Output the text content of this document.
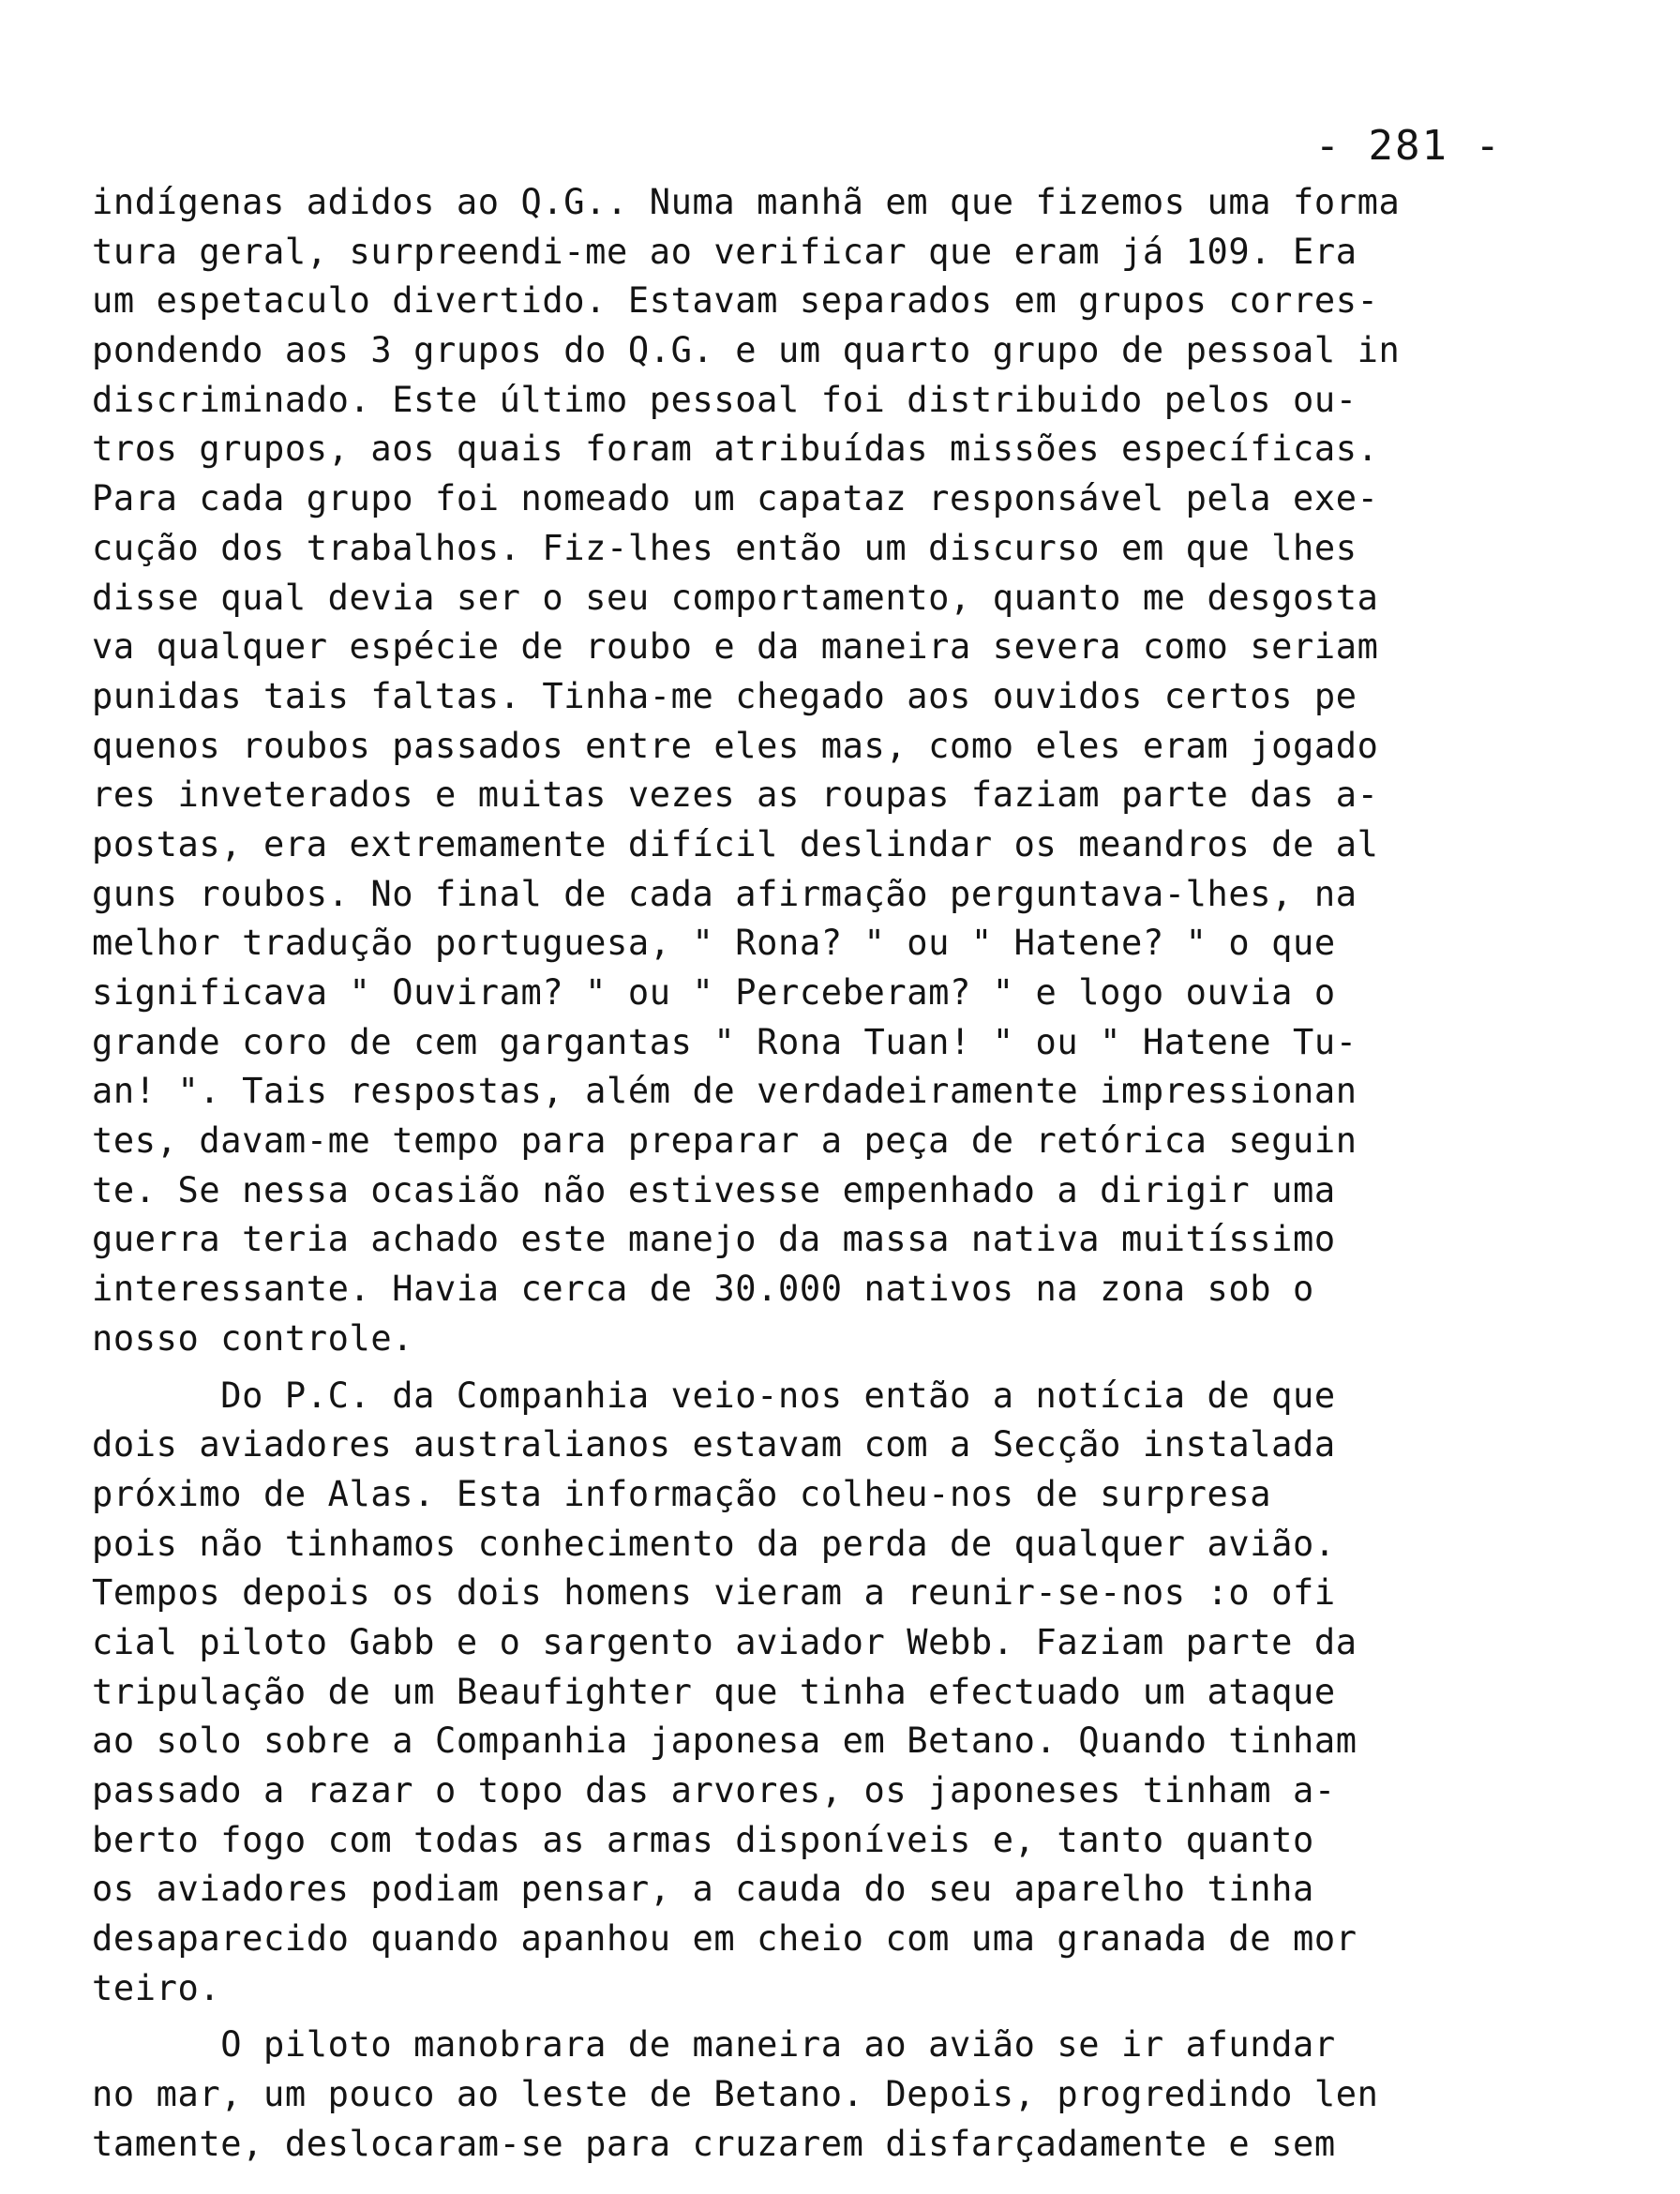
- 281 -
indígenas adidos ao Q.G.. Numa manhã em que fizemos uma forma
tura geral, surpreendi-me ao verificar que eram já 109. Era
um espetaculo divertido. Estavam separados em grupos corres-
pondendo aos 3 grupos do Q.G. e um quarto grupo de pessoal in
discriminado. Este último pessoal foi distribuido pelos ou-
tros grupos, aos quais foram atribuídas missões específicas.
Para cada grupo foi nomeado um capataz responsável pela exe-
cução dos trabalhos. Fiz-lhes então um discurso em que lhes
disse qual devia ser o seu comportamento, quanto me desgosta
va qualquer espécie de roubo e da maneira severa como seriam
punidas tais faltas. Tinha-me chegado aos ouvidos certos pe
quenos roubos passados entre eles mas, como eles eram jogado
res inveterados e muitas vezes as roupas faziam parte das a-
postas, era extremamente difícil deslindar os meandros de al
guns roubos. No final de cada afirmação perguntava-lhes, na
melhor tradução portuguesa, " Rona? " ou " Hatene? " o que
significava " Ouviram? " ou " Perceberam? " e logo ouvia o
grande coro de cem gargantas " Rona Tuan! " ou " Hatene Tu-
an! ". Tais respostas, além de verdadeiramente impressionan
tes, davam-me tempo para preparar a peça de retórica seguin
te. Se nessa ocasião não estivesse empenhado a dirigir uma
guerra teria achado este manejo da massa nativa muitíssimo
interessante. Havia cerca de 30.000 nativos na zona sob o
nosso controle.
Do P.C. da Companhia veio-nos então a notícia de que
dois aviadores australianos estavam com a Secção instalada
próximo de Alas. Esta informação colheu-nos de surpresa
pois não tinhamos conhecimento da perda de qualquer avião.
Tempos depois os dois homens vieram a reunir-se-nos :o ofi
cial piloto Gabb e o sargento aviador Webb. Faziam parte da
tripulação de um Beaufighter que tinha efectuado um ataque
ao solo sobre a Companhia japonesa em Betano. Quando tinham
passado a razar o topo das arvores, os japoneses tinham a-
berto fogo com todas as armas disponíveis e, tanto quanto
os aviadores podiam pensar, a cauda do seu aparelho tinha
desaparecido quando apanhou em cheio com uma granada de mor
teiro.
O piloto manobrara de maneira ao avião se ir afundar
no mar, um pouco ao leste de Betano. Depois, progredindo len
tamente, deslocaram-se para cruzarem disfarçadamente e sem
